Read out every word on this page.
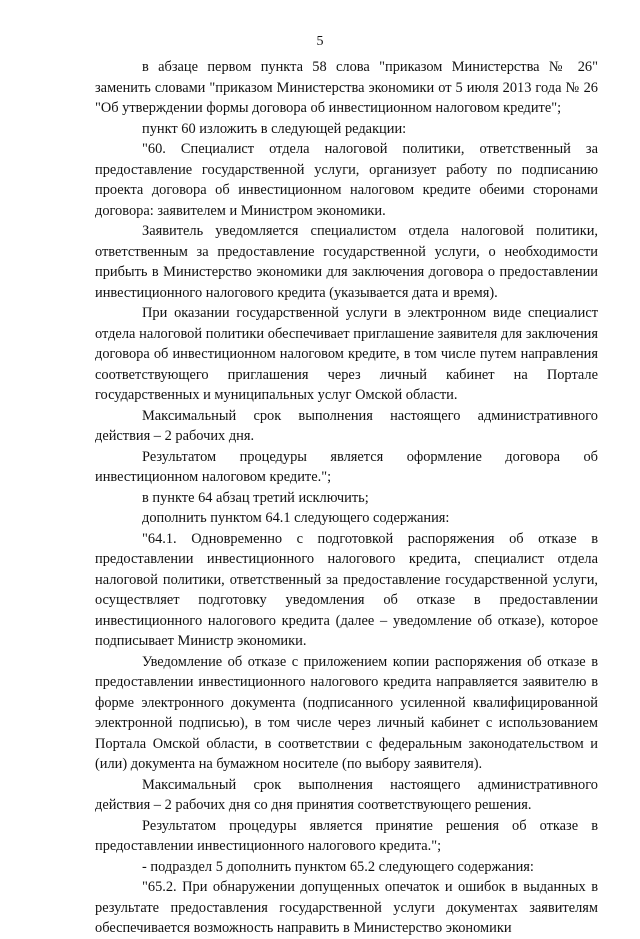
5

в абзаце первом пункта 58 слова "приказом Министерства № 26" заменить словами "приказом Министерства экономики от 5 июля 2013 года № 26 "Об утверждении формы договора об инвестиционном налоговом кредите";

пункт 60 изложить в следующей редакции:

"60. Специалист отдела налоговой политики, ответственный за предоставление государственной услуги, организует работу по подписанию проекта договора об инвестиционном налоговом кредите обеими сторонами договора: заявителем и Министром экономики.

Заявитель уведомляется специалистом отдела налоговой политики, ответственным за предоставление государственной услуги, о необходимости прибыть в Министерство экономики для заключения договора о предоставлении инвестиционного налогового кредита (указывается дата и время).

При оказании государственной услуги в электронном виде специалист отдела налоговой политики обеспечивает приглашение заявителя для заключения договора об инвестиционном налоговом кредите, в том числе путем направления соответствующего приглашения через личный кабинет на Портале государственных и муниципальных услуг Омской области.

Максимальный срок выполнения настоящего административного действия – 2 рабочих дня.

Результатом процедуры является оформление договора об инвестиционном налоговом кредите.";

в пункте 64 абзац третий исключить;

дополнить пунктом 64.1 следующего содержания:

"64.1. Одновременно с подготовкой распоряжения об отказе в предоставлении инвестиционного налогового кредита, специалист отдела налоговой политики, ответственный за предоставление государственной услуги, осуществляет подготовку уведомления об отказе в предоставлении инвестиционного налогового кредита (далее – уведомление об отказе), которое подписывает Министр экономики.

Уведомление об отказе с приложением копии распоряжения об отказе в предоставлении инвестиционного налогового кредита направляется заявителю в форме электронного документа (подписанного усиленной квалифицированной электронной подписью), в том числе через личный кабинет с использованием Портала Омской области, в соответствии с федеральным законодательством и (или) документа на бумажном носителе (по выбору заявителя).

Максимальный срок выполнения настоящего административного действия – 2 рабочих дня со дня принятия соответствующего решения.

Результатом процедуры является принятие решения об отказе в предоставлении инвестиционного налогового кредита.";

- подраздел 5 дополнить пунктом 65.2 следующего содержания:

"65.2. При обнаружении допущенных опечаток и ошибок в выданных в результате предоставления государственной услуги документах заявителям обеспечивается возможность направить в Министерство экономики
